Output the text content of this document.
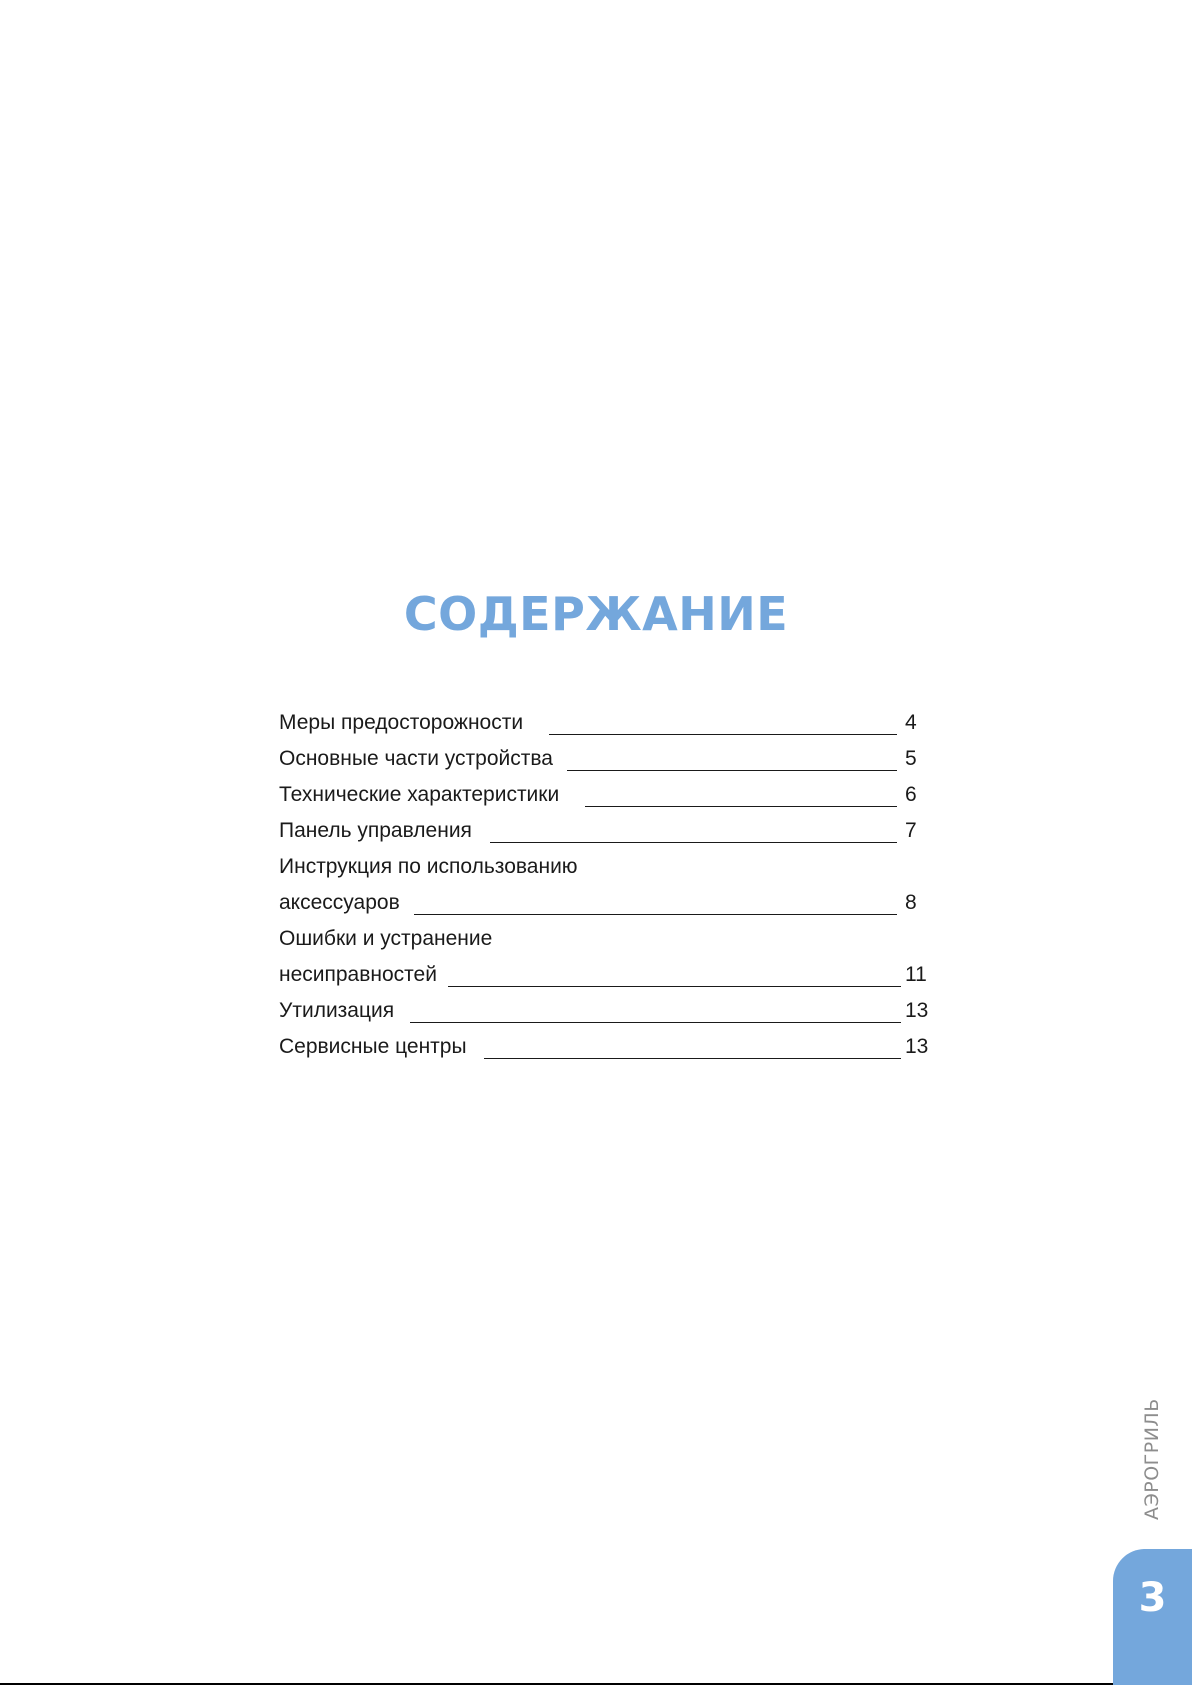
СОДЕРЖАНИЕ
Меры предосторожности	4
Основные части устройства	5
Технические характеристики	6
Панель управления	7
Инструкция по использованию
аксессуаров	8
Ошибки и устранение
несиправностей	11
Утилизация	13
Сервисные центры	13
АЭРОГРИЛЬ
3
